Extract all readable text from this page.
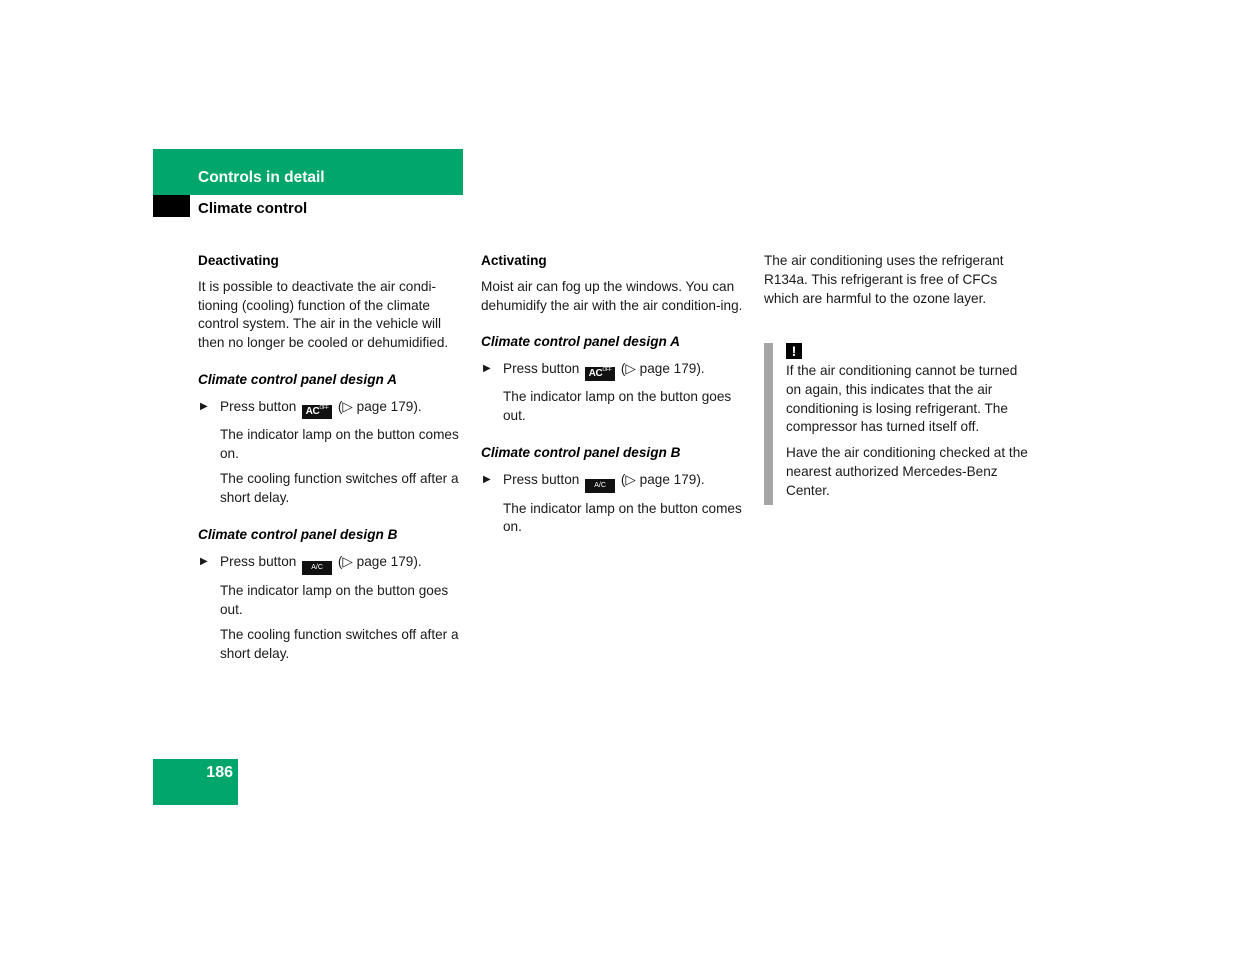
Controls in detail
Climate control
Deactivating

It is possible to deactivate the air condi-tioning (cooling) function of the climate control system. The air in the vehicle will then no longer be cooled or dehumidified.

Climate control panel design A
▶ Press button $AC^{OFF}$ (▷ page 179).

The indicator lamp on the button comes on.

The cooling function switches off after a short delay.

Climate control panel design B
▶ Press button A/C (▷ page 179).

The indicator lamp on the button goes out.

The cooling function switches off after a short delay.

Activating

Moist air can fog up the windows. You can dehumidify the air with the air condition-ing.

Climate control panel design A
▶ Press button $AC^{OFF}$ (▷ page 179).

The indicator lamp on the button goes out.

Climate control panel design B
▶ Press button A/C (▷ page 179).

The indicator lamp on the button comes on.

The air conditioning uses the refrigerant R134a. This refrigerant is free of CFCs which are harmful to the ozone layer.

!

If the air conditioning cannot be turned on again, this indicates that the air conditioning is losing refrigerant. The compressor has turned itself off.

Have the air conditioning checked at the nearest authorized Mercedes-Benz Center.

186
